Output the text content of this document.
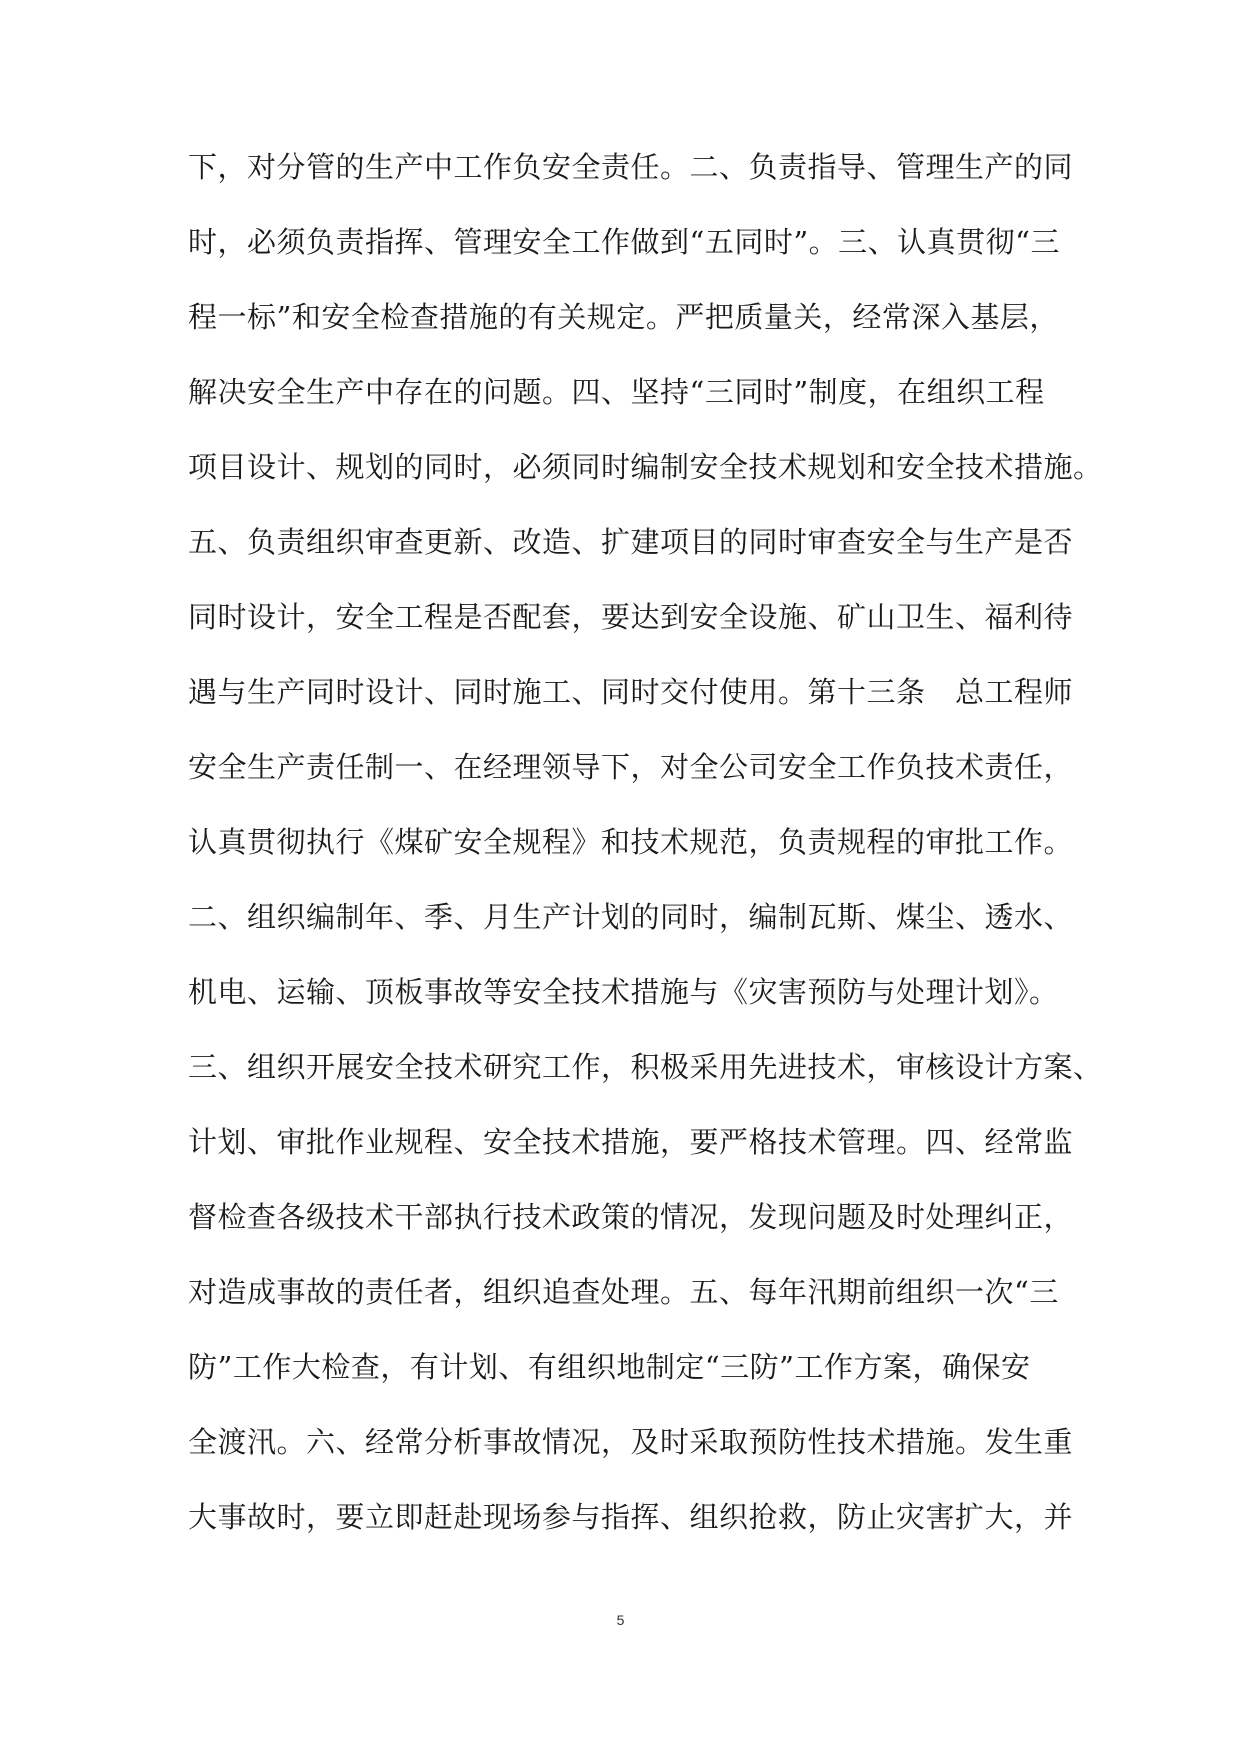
下，对分管的生产中工作负安全责任。二、负责指导、管理生产的同
时，必须负责指挥、管理安全工作做到“五同时”。三、认真贯彻“三
程一标”和安全检查措施的有关规定。严把质量关，经常深入基层，
解决安全生产中存在的问题。四、坚持“三同时”制度，在组织工程
项目设计、规划的同时，必须同时编制安全技术规划和安全技术措施。
五、负责组织审查更新、改造、扩建项目的同时审查安全与生产是否
同时设计，安全工程是否配套，要达到安全设施、矿山卫生、福利待
遇与生产同时设计、同时施工、同时交付使用。第十三条　总工程师
安全生产责任制一、在经理领导下，对全公司安全工作负技术责任，
认真贯彻执行《煤矿安全规程》和技术规范，负责规程的审批工作。
二、组织编制年、季、月生产计划的同时，编制瓦斯、煤尘、透水、
机电、运输、顶板事故等安全技术措施与《灾害预防与处理计划》。
三、组织开展安全技术研究工作，积极采用先进技术，审核设计方案、
计划、审批作业规程、安全技术措施，要严格技术管理。四、经常监
督检查各级技术干部执行技术政策的情况，发现问题及时处理纠正，
对造成事故的责任者，组织追查处理。五、每年汛期前组织一次“三
防”工作大检查，有计划、有组织地制定“三防”工作方案，确保安
全渡汛。六、经常分析事故情况，及时采取预防性技术措施。发生重
大事故时，要立即赶赴现场参与指挥、组织抢救，防止灾害扩大，并
5
